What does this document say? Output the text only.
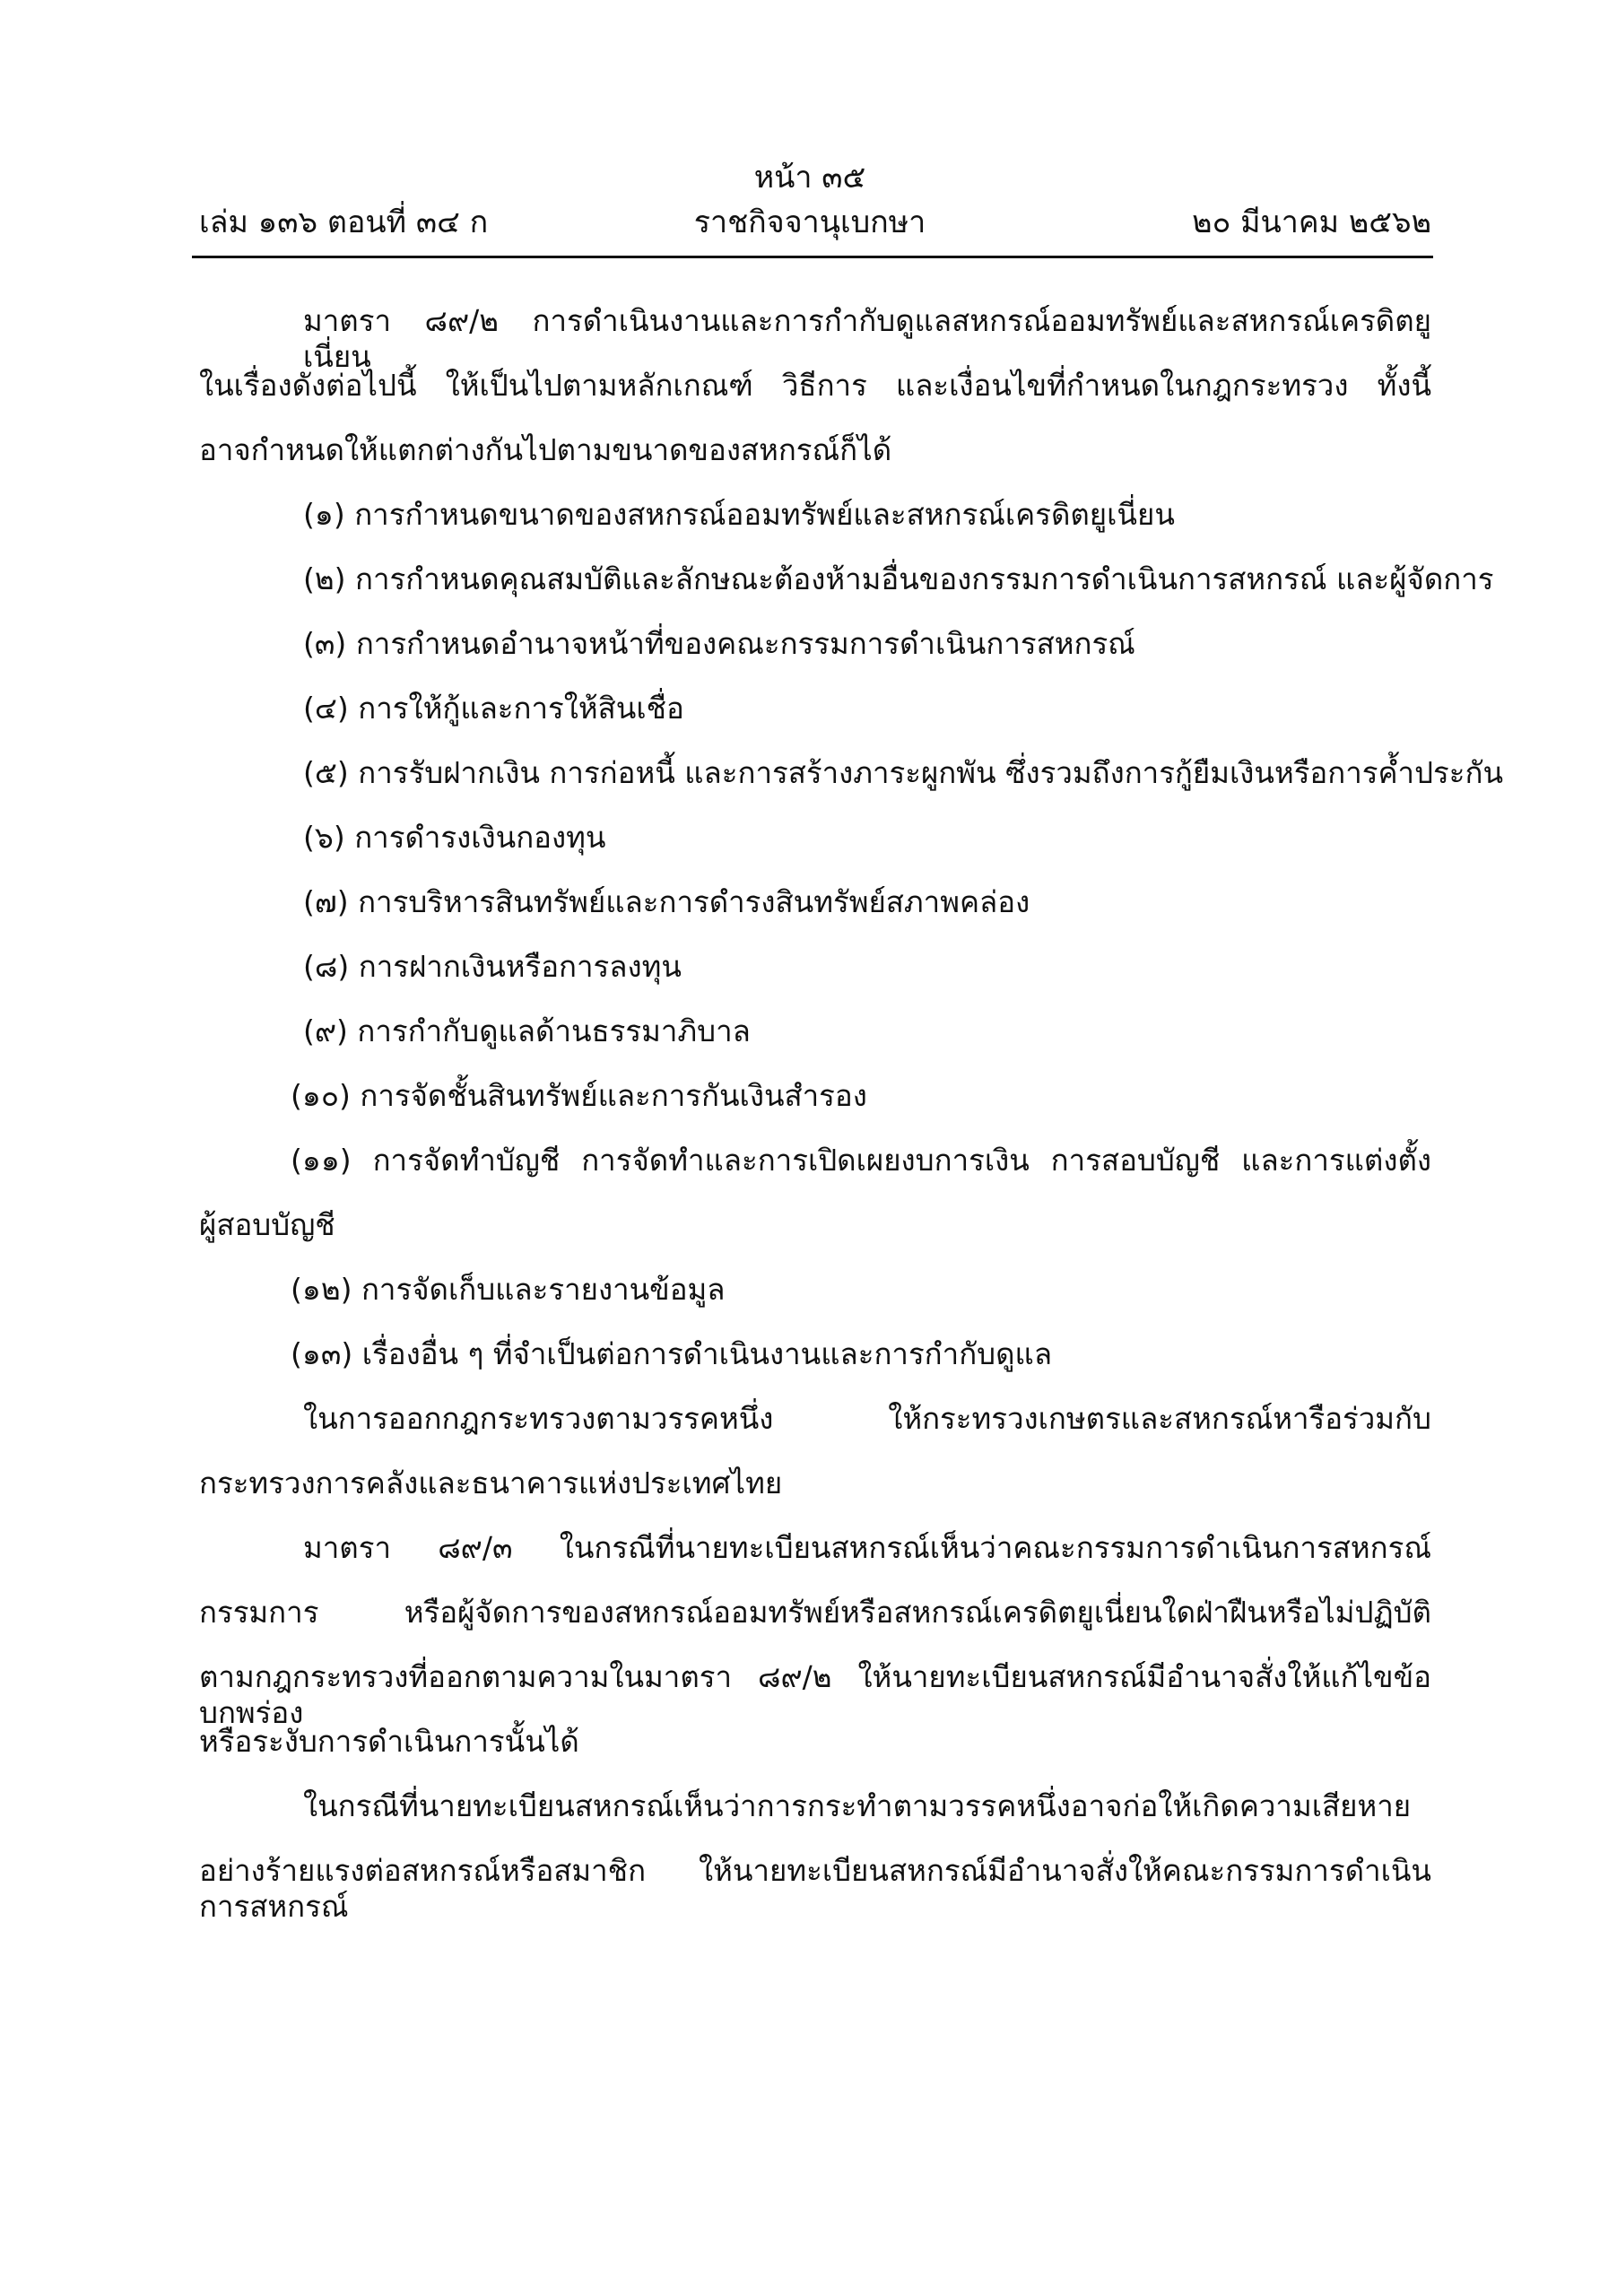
หน้า ๓๕
เล่ม ๑๓๖ ตอนที่ ๓๔ ก	ราชกิจจานุเบกษา	๒๐ มีนาคม ๒๕๖๒
มาตรา ๘๙/๒ การดำเนินงานและการกำกับดูแลสหกรณ์ออมทรัพย์และสหกรณ์เครดิตยูเนี่ยน
ในเรื่องดังต่อไปนี้ ให้เป็นไปตามหลักเกณฑ์ วิธีการ และเงื่อนไขที่กำหนดในกฎกระทรวง ทั้งนี้
อาจกำหนดให้แตกต่างกันไปตามขนาดของสหกรณ์ก็ได้
(๑) การกำหนดขนาดของสหกรณ์ออมทรัพย์และสหกรณ์เครดิตยูเนี่ยน
(๒) การกำหนดคุณสมบัติและลักษณะต้องห้ามอื่นของกรรมการดำเนินการสหกรณ์ และผู้จัดการ
(๓) การกำหนดอำนาจหน้าที่ของคณะกรรมการดำเนินการสหกรณ์
(๔) การให้กู้และการให้สินเชื่อ
(๕) การรับฝากเงิน การก่อหนี้ และการสร้างภาระผูกพัน ซึ่งรวมถึงการกู้ยืมเงินหรือการค้ำประกัน
(๖) การดำรงเงินกองทุน
(๗) การบริหารสินทรัพย์และการดำรงสินทรัพย์สภาพคล่อง
(๘) การฝากเงินหรือการลงทุน
(๙) การกำกับดูแลด้านธรรมาภิบาล
(๑๐) การจัดชั้นสินทรัพย์และการกันเงินสำรอง
(๑๑) การจัดทำบัญชี การจัดทำและการเปิดเผยงบการเงิน การสอบบัญชี และการแต่งตั้ง
ผู้สอบบัญชี
(๑๒) การจัดเก็บและรายงานข้อมูล
(๑๓) เรื่องอื่น ๆ ที่จำเป็นต่อการดำเนินงานและการกำกับดูแล
ในการออกกฎกระทรวงตามวรรคหนึ่ง ให้กระทรวงเกษตรและสหกรณ์หารือร่วมกับ
กระทรวงการคลังและธนาคารแห่งประเทศไทย
มาตรา ๘๙/๓ ในกรณีที่นายทะเบียนสหกรณ์เห็นว่าคณะกรรมการดำเนินการสหกรณ์
กรรมการ หรือผู้จัดการของสหกรณ์ออมทรัพย์หรือสหกรณ์เครดิตยูเนี่ยนใดฝ่าฝืนหรือไม่ปฏิบัติ
ตามกฎกระทรวงที่ออกตามความในมาตรา ๘๙/๒ ให้นายทะเบียนสหกรณ์มีอำนาจสั่งให้แก้ไขข้อบกพร่อง
หรือระงับการดำเนินการนั้นได้
ในกรณีที่นายทะเบียนสหกรณ์เห็นว่าการกระทำตามวรรคหนึ่งอาจก่อให้เกิดความเสียหาย
อย่างร้ายแรงต่อสหกรณ์หรือสมาชิก ให้นายทะเบียนสหกรณ์มีอำนาจสั่งให้คณะกรรมการดำเนินการสหกรณ์
